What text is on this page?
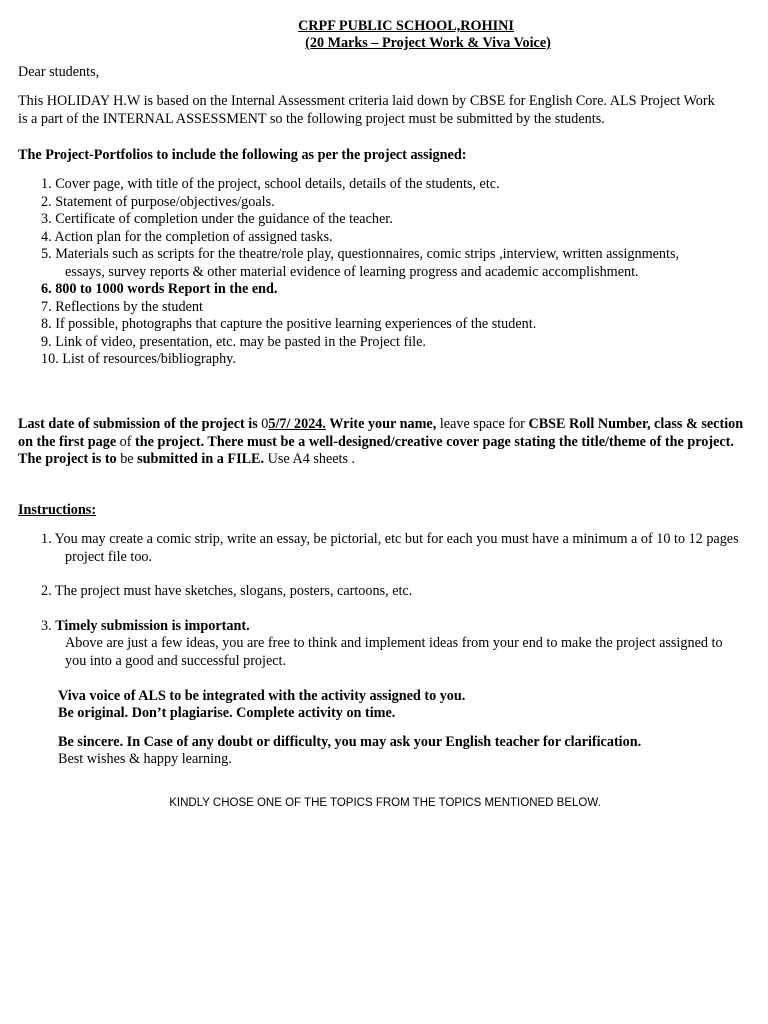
CRPF PUBLIC SCHOOL,ROHINI
(20 Marks – Project Work & Viva Voice)
Dear students,
This HOLIDAY H.W is based on the Internal Assessment criteria laid down by CBSE for English Core. ALS Project Work is a part of the INTERNAL ASSESSMENT so the following project must be submitted by the students.
The Project-Portfolios to include the following as per the project assigned:
1. Cover page, with title of the project, school details, details of the students, etc.
2. Statement of purpose/objectives/goals.
3. Certificate of completion under the guidance of the teacher.
4. Action plan for the completion of assigned tasks.
5. Materials such as scripts for the theatre/role play, questionnaires, comic strips ,interview, written assignments, essays, survey reports & other material evidence of learning progress and academic accomplishment.
6. 800 to 1000 words Report in the end.
7. Reflections by the student
8. If possible, photographs that capture the positive learning experiences of the student.
9. Link of video, presentation, etc. may be pasted in the Project file.
10. List of resources/bibliography.
Last date of submission of the project is 05/7/ 2024. Write your name, leave space for CBSE Roll Number, class & section on the first page of the project. There must be a well-designed/creative cover page stating the title/theme of the project. The project is to be submitted in a FILE. Use A4 sheets .
Instructions:
1. You may create a comic strip, write an essay, be pictorial, etc but for each you must have a minimum a of 10 to 12 pages project file too.
2. The project must have sketches, slogans, posters, cartoons, etc.
3. Timely submission is important.
Above are just a few ideas, you are free to think and implement ideas from your end to make the project assigned to you into a good and successful project.
Viva voice of ALS to be integrated with the activity assigned to you.
Be original. Don’t plagiarise. Complete activity on time.
Be sincere. In Case of any doubt or difficulty, you may ask your English teacher for clarification.
Best wishes & happy learning.
KINDLY CHOSE ONE OF THE TOPICS FROM THE TOPICS MENTIONED BELOW.
